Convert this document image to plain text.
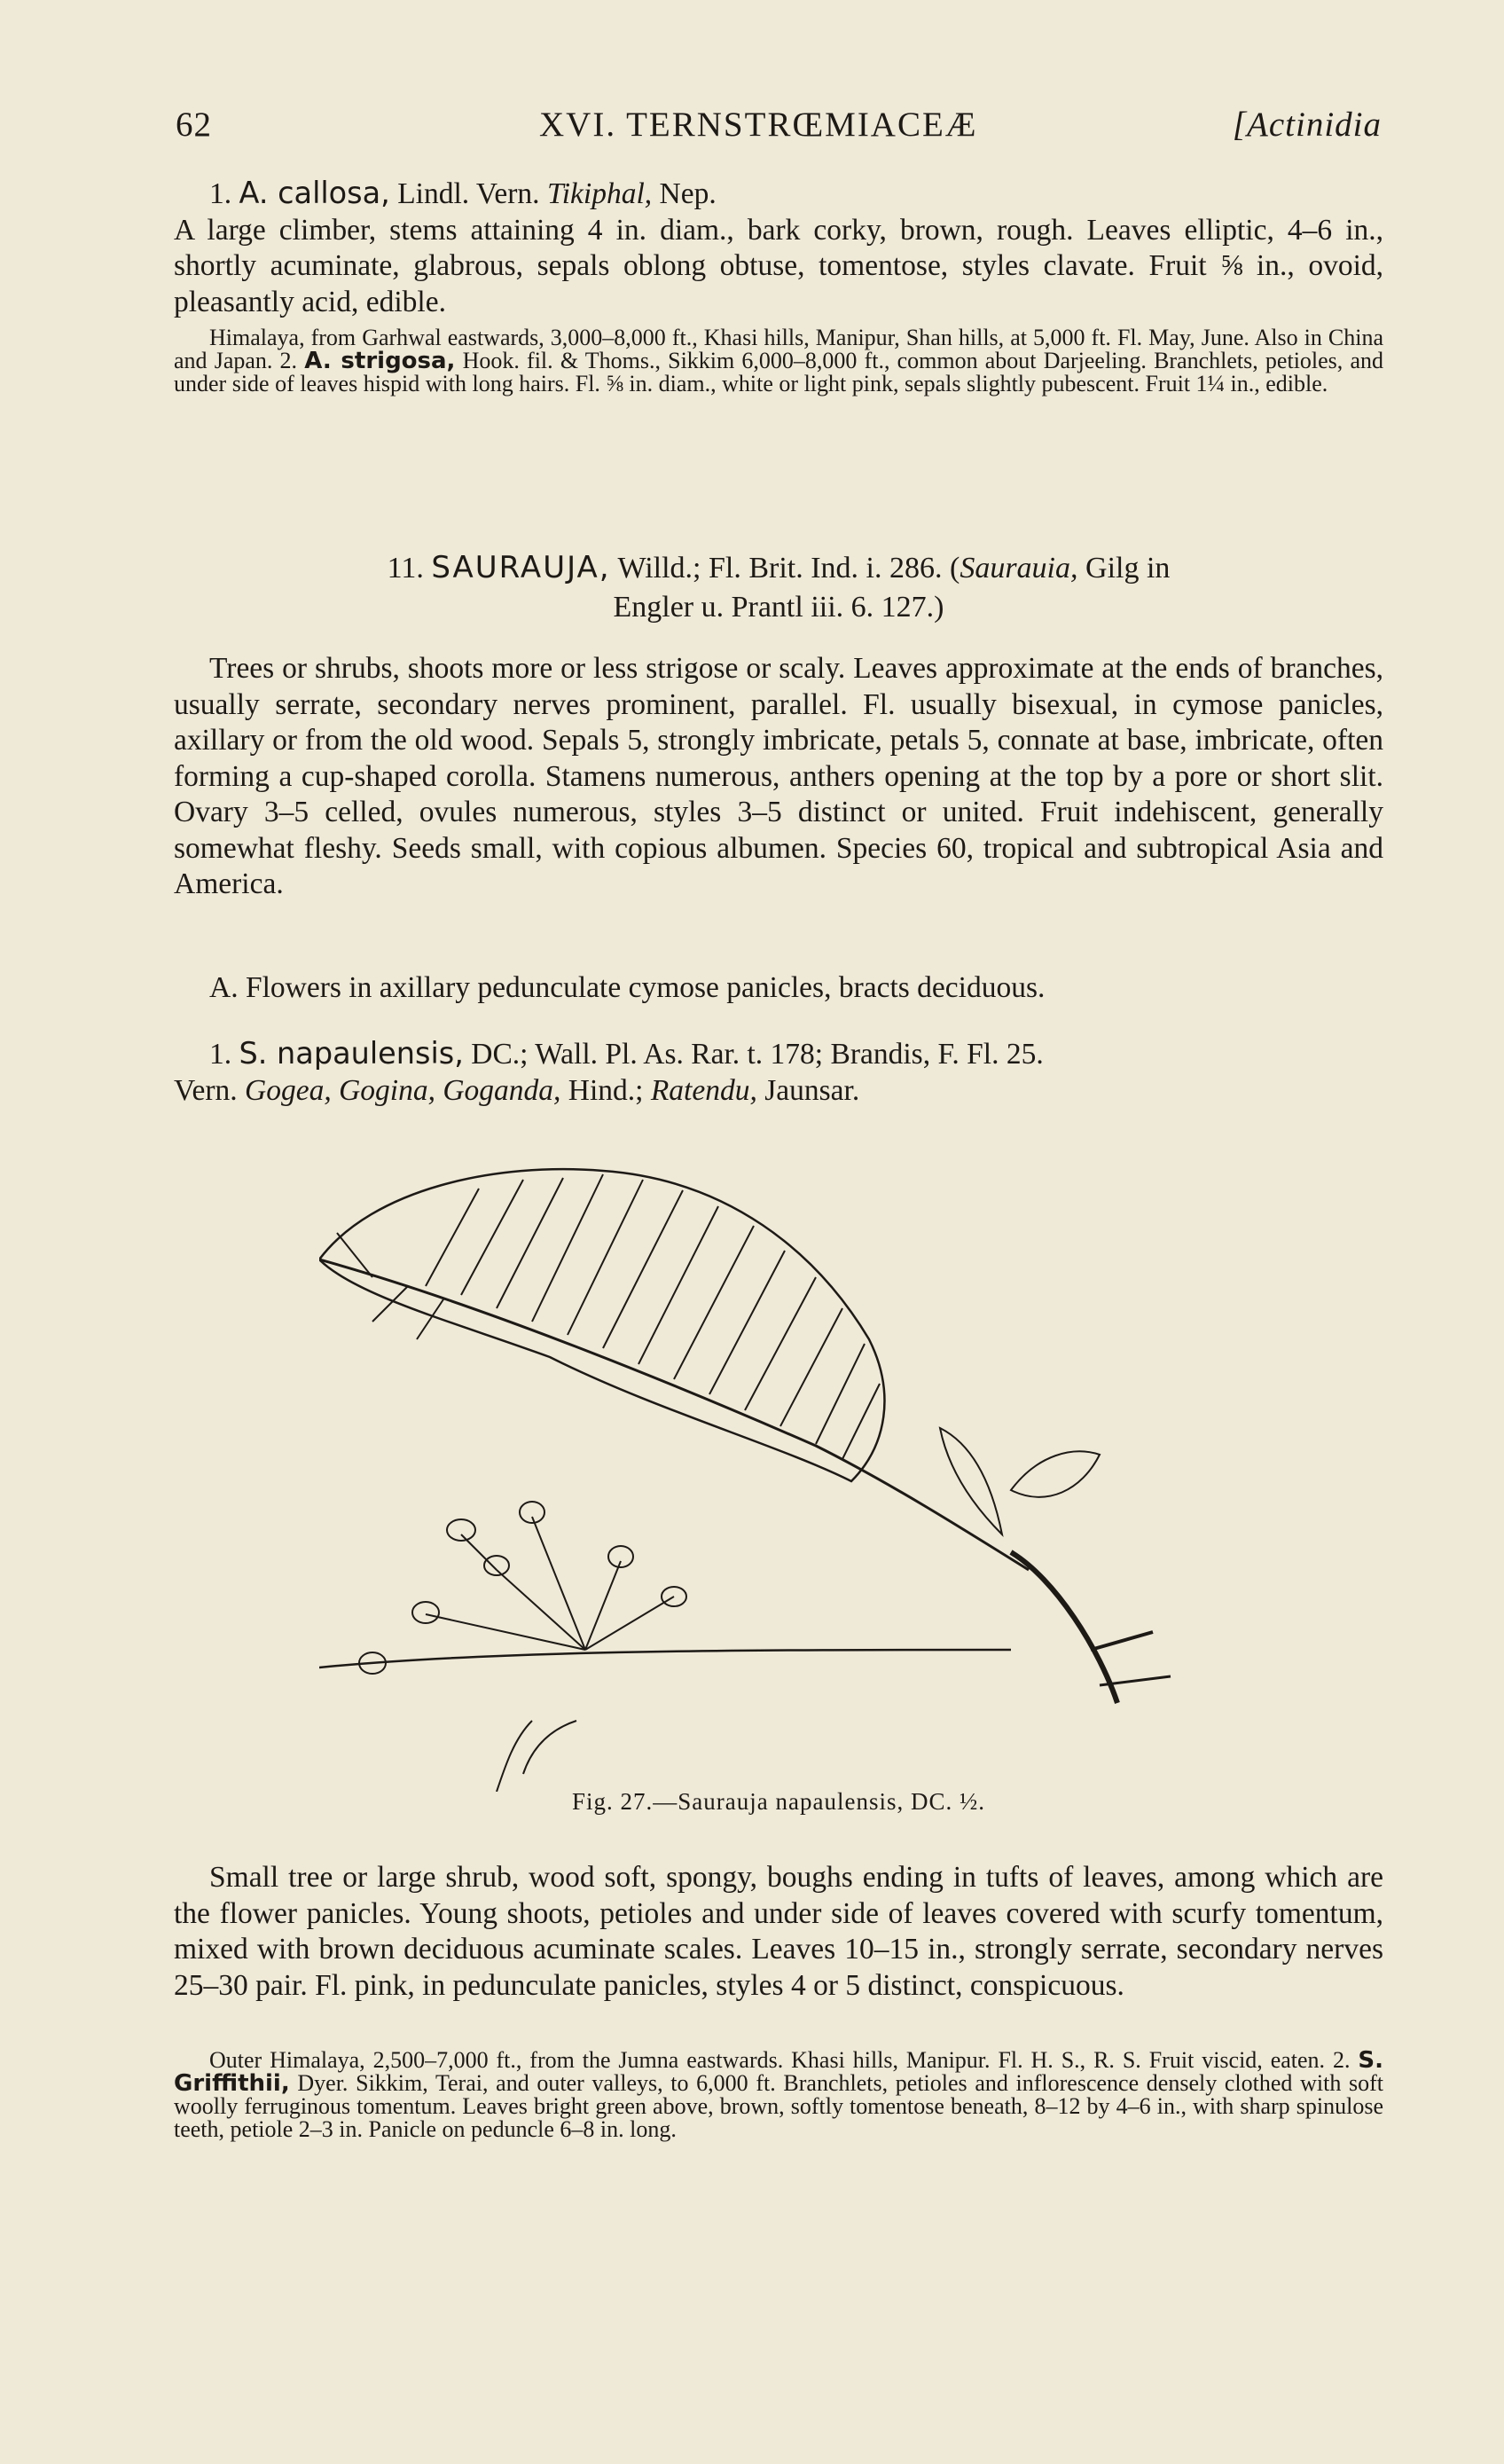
62	XVI. TERNSTRŒMIACEÆ	[Actinidia
1. A. callosa, Lindl. Vern. Tikiphal, Nep.
A large climber, stems attaining 4 in. diam., bark corky, brown, rough. Leaves elliptic, 4–6 in., shortly acuminate, glabrous, sepals oblong obtuse, tomentose, styles clavate. Fruit ⅝ in., ovoid, pleasantly acid, edible.
Himalaya, from Garhwal eastwards, 3,000–8,000 ft., Khasi hills, Manipur, Shan hills, at 5,000 ft. Fl. May, June. Also in China and Japan. 2. A. strigosa, Hook. fil. & Thoms., Sikkim 6,000–8,000 ft., common about Darjeeling. Branchlets, petioles, and under side of leaves hispid with long hairs. Fl. ⅝ in. diam., white or light pink, sepals slightly pubescent. Fruit 1¼ in., edible.
11. SAURAUJA, Willd.; Fl. Brit. Ind. i. 286. (Saurauia, Gilg in
Engler u. Prantl iii. 6. 127.)
Trees or shrubs, shoots more or less strigose or scaly. Leaves approximate at the ends of branches, usually serrate, secondary nerves prominent, parallel. Fl. usually bisexual, in cymose panicles, axillary or from the old wood. Sepals 5, strongly imbricate, petals 5, connate at base, imbricate, often forming a cup-shaped corolla. Stamens numerous, anthers opening at the top by a pore or short slit. Ovary 3–5 celled, ovules numerous, styles 3–5 distinct or united. Fruit indehiscent, generally somewhat fleshy. Seeds small, with copious albumen. Species 60, tropical and subtropical Asia and America.
A. Flowers in axillary pedunculate cymose panicles, bracts deciduous.
1. S. napaulensis, DC.; Wall. Pl. As. Rar. t. 178; Brandis, F. Fl. 25.
Vern. Gogea, Gogina, Goganda, Hind.; Ratendu, Jaunsar.
Fig. 27.—Saurauja napaulensis, DC. ½.
Small tree or large shrub, wood soft, spongy, boughs ending in tufts of leaves, among which are the flower panicles. Young shoots, petioles and under side of leaves covered with scurfy tomentum, mixed with brown deciduous acuminate scales. Leaves 10–15 in., strongly serrate, secondary nerves 25–30 pair. Fl. pink, in pedunculate panicles, styles 4 or 5 distinct, conspicuous.
Outer Himalaya, 2,500–7,000 ft., from the Jumna eastwards. Khasi hills, Manipur. Fl. H. S., R. S. Fruit viscid, eaten. 2. S. Griffithii, Dyer. Sikkim, Terai, and outer valleys, to 6,000 ft. Branchlets, petioles and inflorescence densely clothed with soft woolly ferruginous tomentum. Leaves bright green above, brown, softly tomentose beneath, 8–12 by 4–6 in., with sharp spinulose teeth, petiole 2–3 in. Panicle on peduncle 6–8 in. long.
